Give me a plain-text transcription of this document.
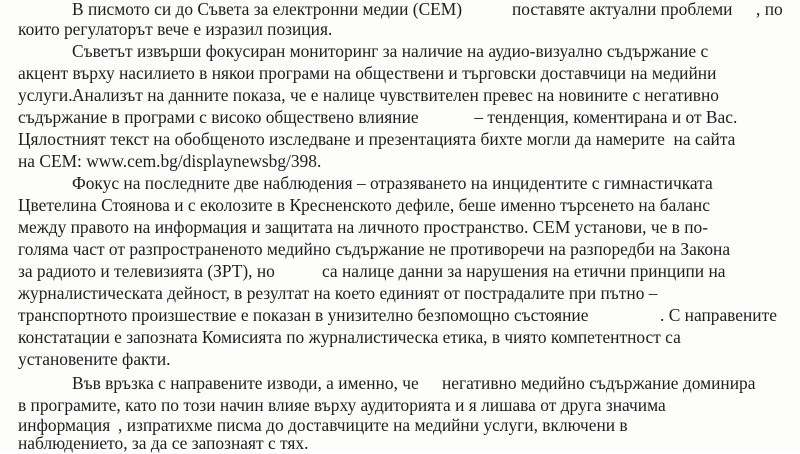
В писмото си до Съвета за електронни медии (СЕМ)	поставяте актуални проблеми , по
които регулаторът вече е изразил позиция.
Съветът извърши фокусиран мониторинг за наличие на аудио-визуално съдържание с
акцент върху насилието в някои програми на обществени и търговски доставчици на медийни
услуги.
Анализът на данните показа, че е налице чувствителен превес на новините с негативно
съдържание в програми с високо обществено влияние	– тенденция, коментирана и от Вас.
Цялостният текст на обобщеното изследване и презентацията бихте могли да намерите  на сайта
на СЕМ: www.cem.bg/displaynewsbg/398.
Фокус на последните две наблюдения – отразяването на инцидентите с гимнастичката
Цветелина Стоянова и с еколозите в Кресненското дефиле, беше именно търсенето на баланс
между правото на информация и защитата на личното пространство. СЕМ установи, че в по-
голяма част от разпространеното медийно съдържание не противоречи на разпоредби на Закона
за радиото и телевизията (ЗРТ), но са налице данни за нарушения на етични принципи на
журналистическата дейност, в резултат на което единият от пострадалите при пътно –
транспортното произшествие е показан в унизително безпомощно състояние	. С направените
констатации е запозната Комисията по журналистическа етика, в чиято компетентност са
установените факти.
Във връзка с направените изводи, а именно, че негативно медийно съдържание доминира
в програмите, като по този начин влияе върху аудиторията и я лишава от друга значима
информация , изпратихме писма до доставчиците на медийни услуги, включени в
наблюдението, за да се запознаят с тях.
